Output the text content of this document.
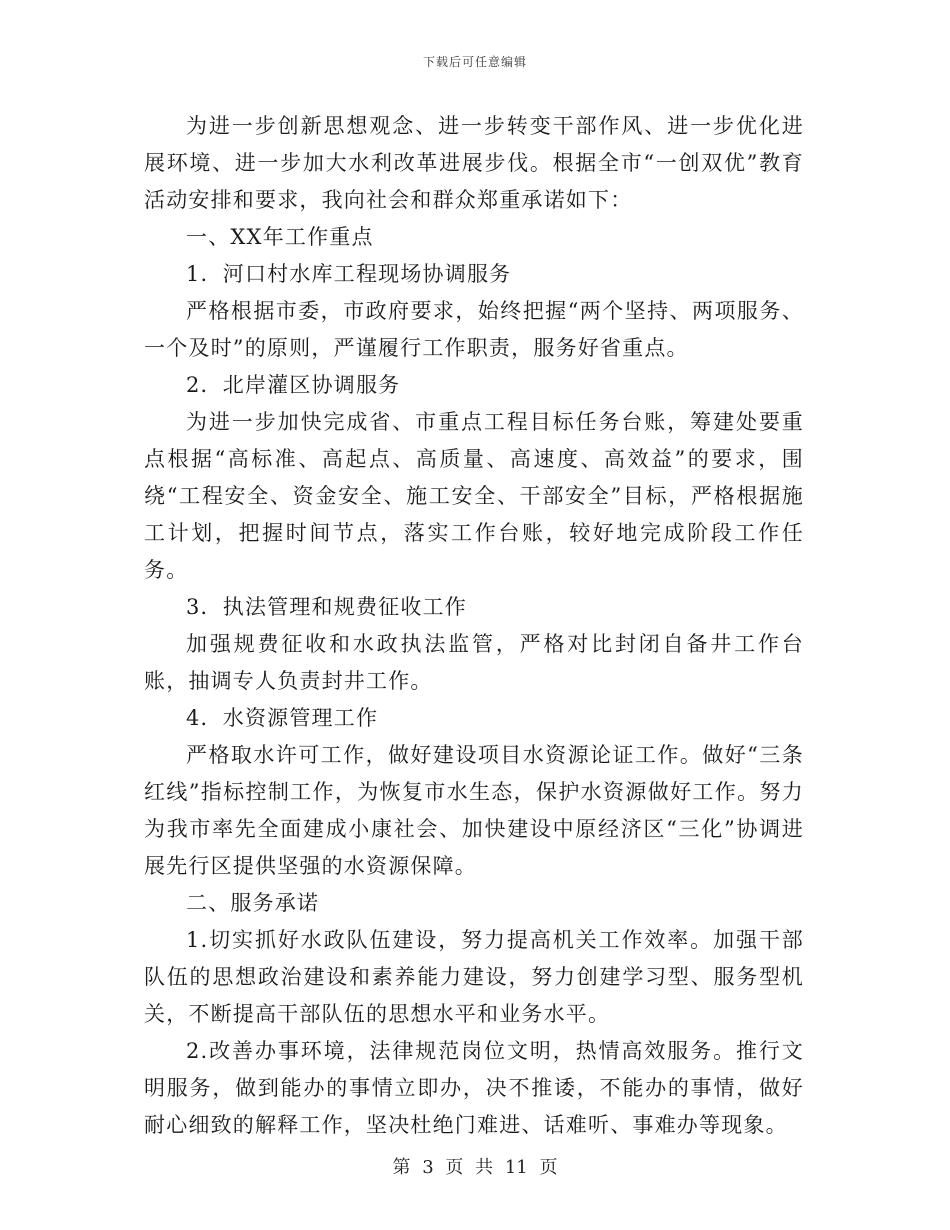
下载后可任意编辑

为进一步创新思想观念、进一步转变干部作风、进一步优化进展环境、进一步加大水利改革进展步伐。根据全市“一创双优”教育活动安排和要求，我向社会和群众郑重承诺如下：

一、XX年工作重点

1．河口村水库工程现场协调服务

严格根据市委，市政府要求，始终把握“两个坚持、两项服务、一个及时”的原则，严谨履行工作职责，服务好省重点。

2．北岸灌区协调服务

为进一步加快完成省、市重点工程目标任务台账，筹建处要重点根据“高标准、高起点、高质量、高速度、高效益”的要求，围绕“工程安全、资金安全、施工安全、干部安全”目标，严格根据施工计划，把握时间节点，落实工作台账，较好地完成阶段工作任务。

3．执法管理和规费征收工作

加强规费征收和水政执法监管，严格对比封闭自备井工作台账，抽调专人负责封井工作。

4．水资源管理工作

严格取水许可工作，做好建设项目水资源论证工作。做好“三条红线”指标控制工作，为恢复市水生态，保护水资源做好工作。努力为我市率先全面建成小康社会、加快建设中原经济区“三化”协调进展先行区提供坚强的水资源保障。

二、服务承诺

1.切实抓好水政队伍建设，努力提高机关工作效率。加强干部队伍的思想政治建设和素养能力建设，努力创建学习型、服务型机关，不断提高干部队伍的思想水平和业务水平。

2.改善办事环境，法律规范岗位文明，热情高效服务。推行文明服务，做到能办的事情立即办，决不推诿，不能办的事情，做好耐心细致的解释工作，坚决杜绝门难进、话难听、事难办等现象。

第 3 页 共 11 页
